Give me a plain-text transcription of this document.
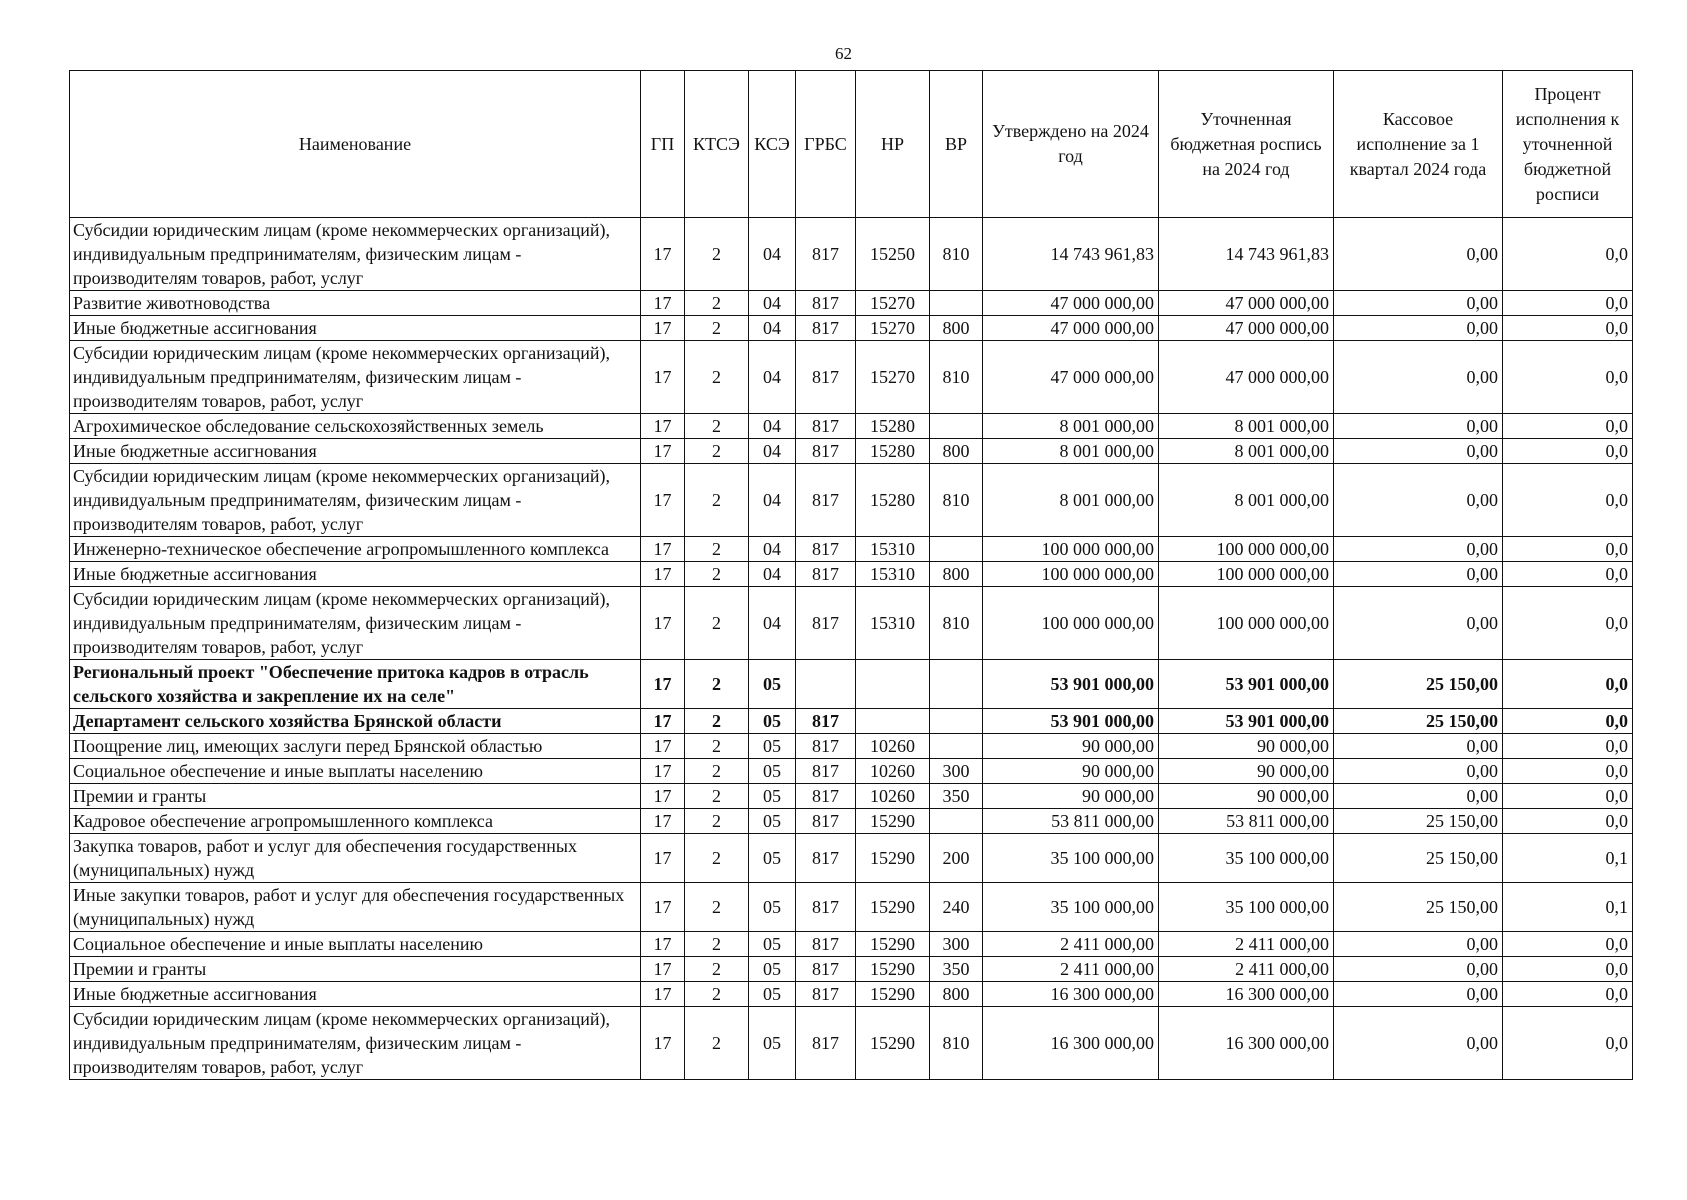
62
Наименование	ГП	КТСЭ	КСЭ	ГРБС	НР	ВР	Утверждено на 2024 год	Уточненная бюджетная роспись на 2024 год	Кассовое исполнение за 1 квартал 2024 года	Процент исполнения к уточненной бюджетной росписи
Субсидии юридическим лицам (кроме некоммерческих организаций), индивидуальным предпринимателям, физическим лицам - производителям товаров, работ, услуг	17	2	04	817	15250	810	14 743 961,83	14 743 961,83	0,00	0,0
Развитие животноводства	17	2	04	817	15270		47 000 000,00	47 000 000,00	0,00	0,0
Иные бюджетные ассигнования	17	2	04	817	15270	800	47 000 000,00	47 000 000,00	0,00	0,0
Субсидии юридическим лицам (кроме некоммерческих организаций), индивидуальным предпринимателям, физическим лицам - производителям товаров, работ, услуг	17	2	04	817	15270	810	47 000 000,00	47 000 000,00	0,00	0,0
Агрохимическое обследование сельскохозяйственных земель	17	2	04	817	15280		8 001 000,00	8 001 000,00	0,00	0,0
Иные бюджетные ассигнования	17	2	04	817	15280	800	8 001 000,00	8 001 000,00	0,00	0,0
Субсидии юридическим лицам (кроме некоммерческих организаций), индивидуальным предпринимателям, физическим лицам - производителям товаров, работ, услуг	17	2	04	817	15280	810	8 001 000,00	8 001 000,00	0,00	0,0
Инженерно-техническое обеспечение агропромышленного комплекса	17	2	04	817	15310		100 000 000,00	100 000 000,00	0,00	0,0
Иные бюджетные ассигнования	17	2	04	817	15310	800	100 000 000,00	100 000 000,00	0,00	0,0
Субсидии юридическим лицам (кроме некоммерческих организаций), индивидуальным предпринимателям, физическим лицам - производителям товаров, работ, услуг	17	2	04	817	15310	810	100 000 000,00	100 000 000,00	0,00	0,0
Региональный проект "Обеспечение притока кадров в отрасль сельского хозяйства и закрепление их на селе"	17	2	05				53 901 000,00	53 901 000,00	25 150,00	0,0
Департамент сельского хозяйства Брянской области	17	2	05	817			53 901 000,00	53 901 000,00	25 150,00	0,0
Поощрение лиц, имеющих заслуги перед Брянской областью	17	2	05	817	10260		90 000,00	90 000,00	0,00	0,0
Социальное обеспечение и иные выплаты населению	17	2	05	817	10260	300	90 000,00	90 000,00	0,00	0,0
Премии и гранты	17	2	05	817	10260	350	90 000,00	90 000,00	0,00	0,0
Кадровое обеспечение агропромышленного комплекса	17	2	05	817	15290		53 811 000,00	53 811 000,00	25 150,00	0,0
Закупка товаров, работ и услуг для обеспечения государственных (муниципальных) нужд	17	2	05	817	15290	200	35 100 000,00	35 100 000,00	25 150,00	0,1
Иные закупки товаров, работ и услуг для обеспечения государственных (муниципальных) нужд	17	2	05	817	15290	240	35 100 000,00	35 100 000,00	25 150,00	0,1
Социальное обеспечение и иные выплаты населению	17	2	05	817	15290	300	2 411 000,00	2 411 000,00	0,00	0,0
Премии и гранты	17	2	05	817	15290	350	2 411 000,00	2 411 000,00	0,00	0,0
Иные бюджетные ассигнования	17	2	05	817	15290	800	16 300 000,00	16 300 000,00	0,00	0,0
Субсидии юридическим лицам (кроме некоммерческих организаций), индивидуальным предпринимателям, физическим лицам - производителям товаров, работ, услуг	17	2	05	817	15290	810	16 300 000,00	16 300 000,00	0,00	0,0
